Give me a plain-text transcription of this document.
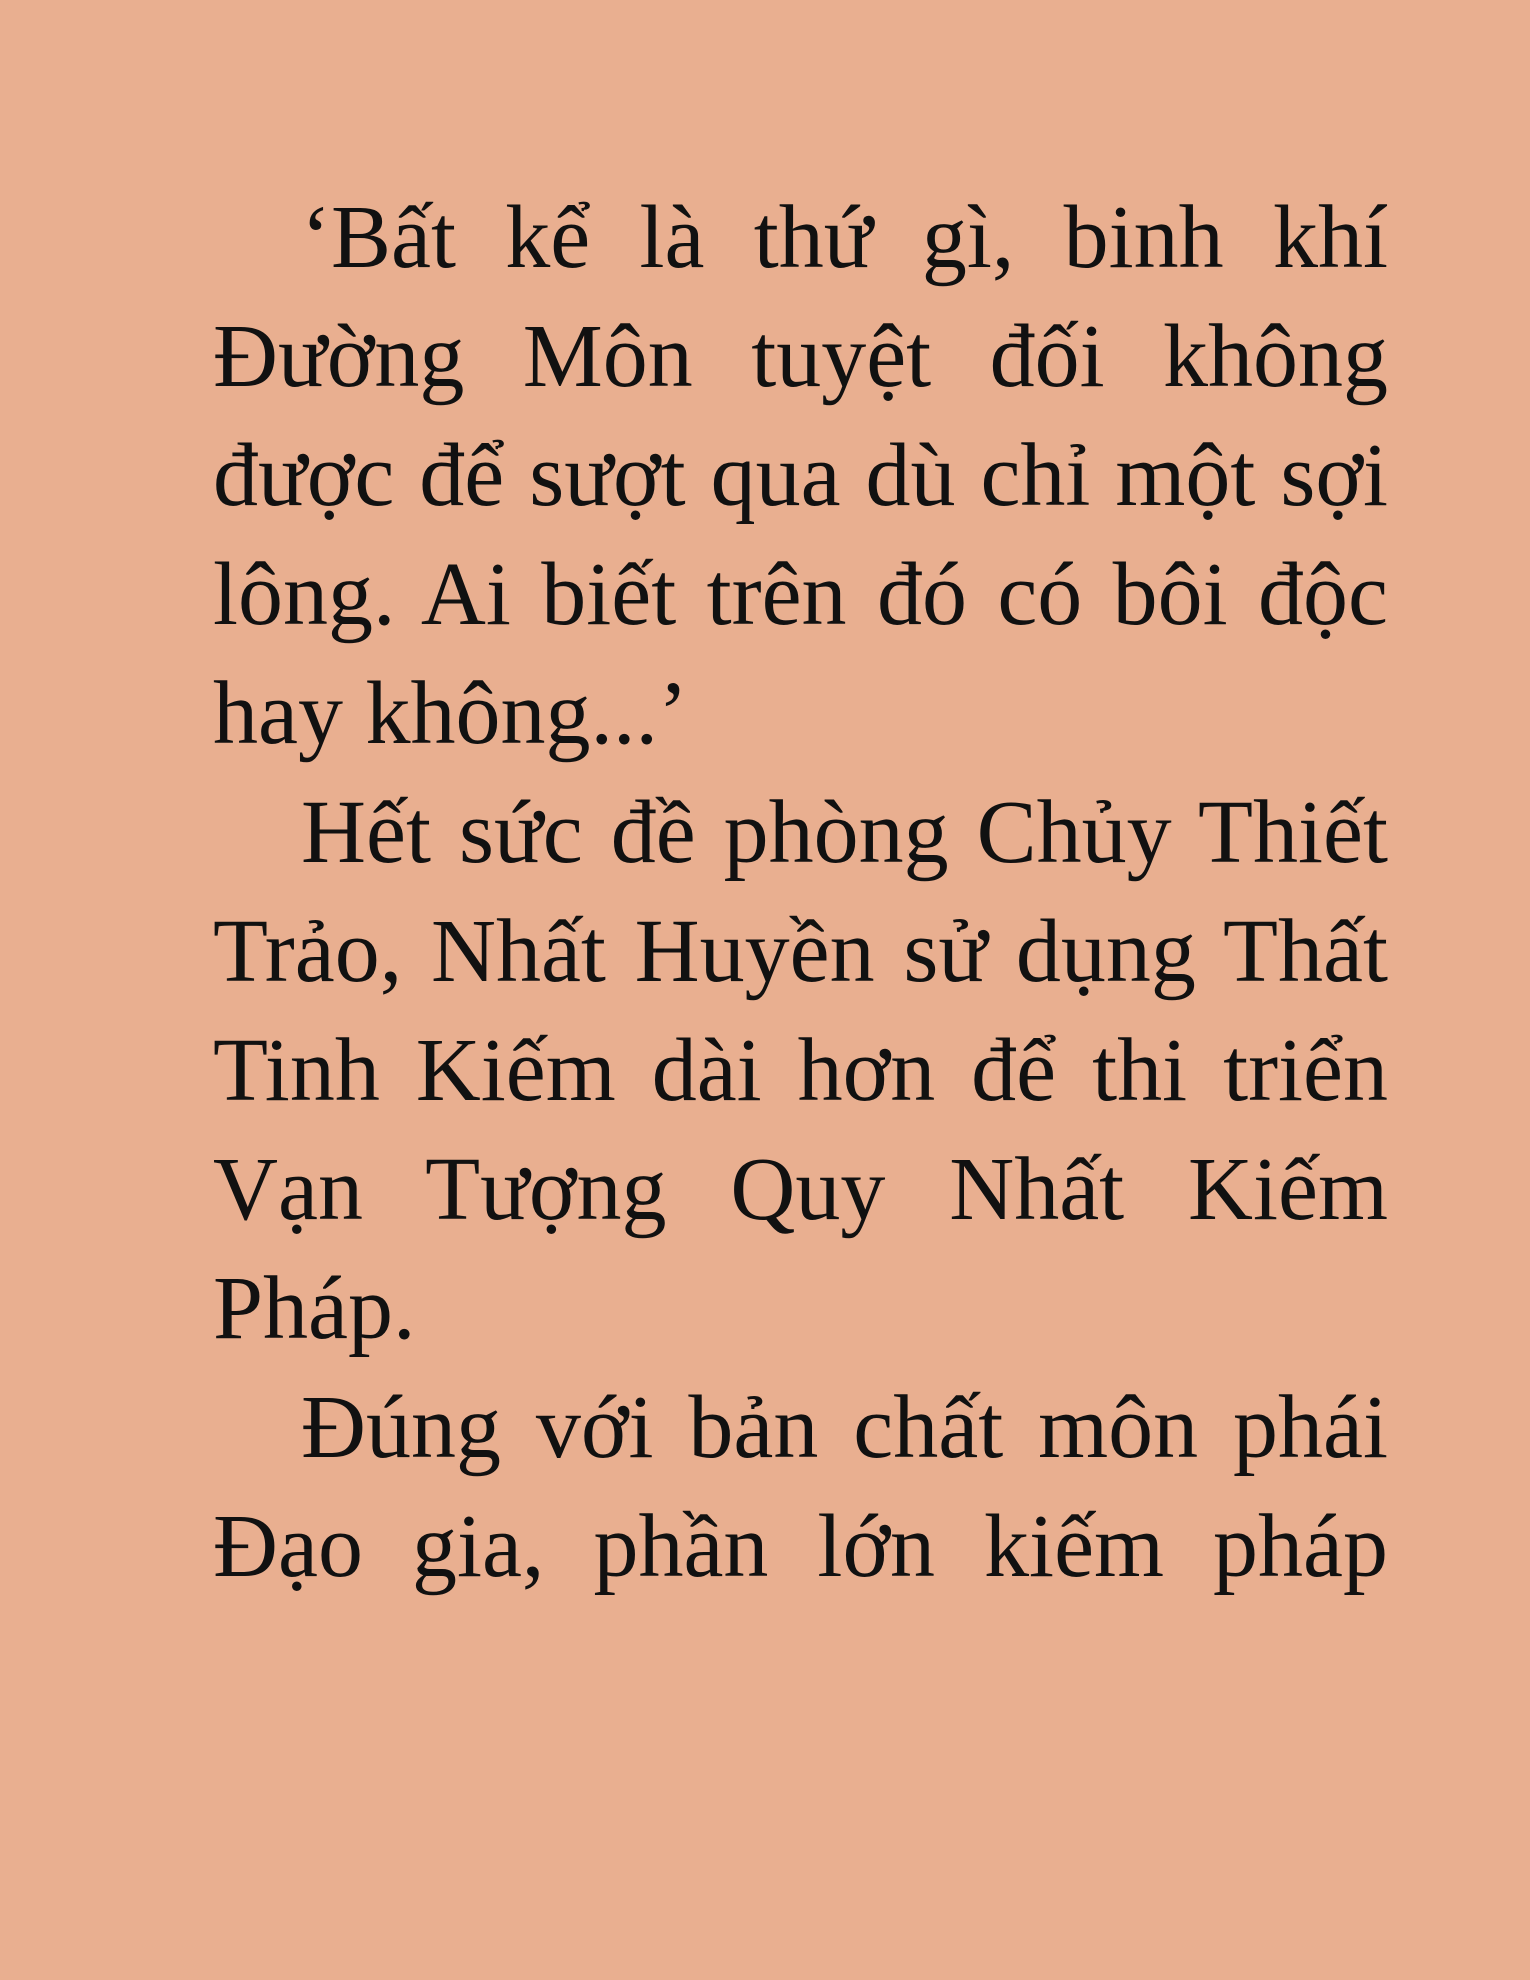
‘Bất kể là thứ gì, binh khí
Đường Môn tuyệt đối không
được để sượt qua dù chỉ một sợi
lông. Ai biết trên đó có bôi độc
hay không...’

Hết sức đề phòng Chủy Thiết
Trảo, Nhất Huyền sử dụng Thất
Tinh Kiếm dài hơn để thi triển
Vạn Tượng Quy Nhất Kiếm
Pháp.

Đúng với bản chất môn phái
Đạo gia, phần lớn kiếm pháp
